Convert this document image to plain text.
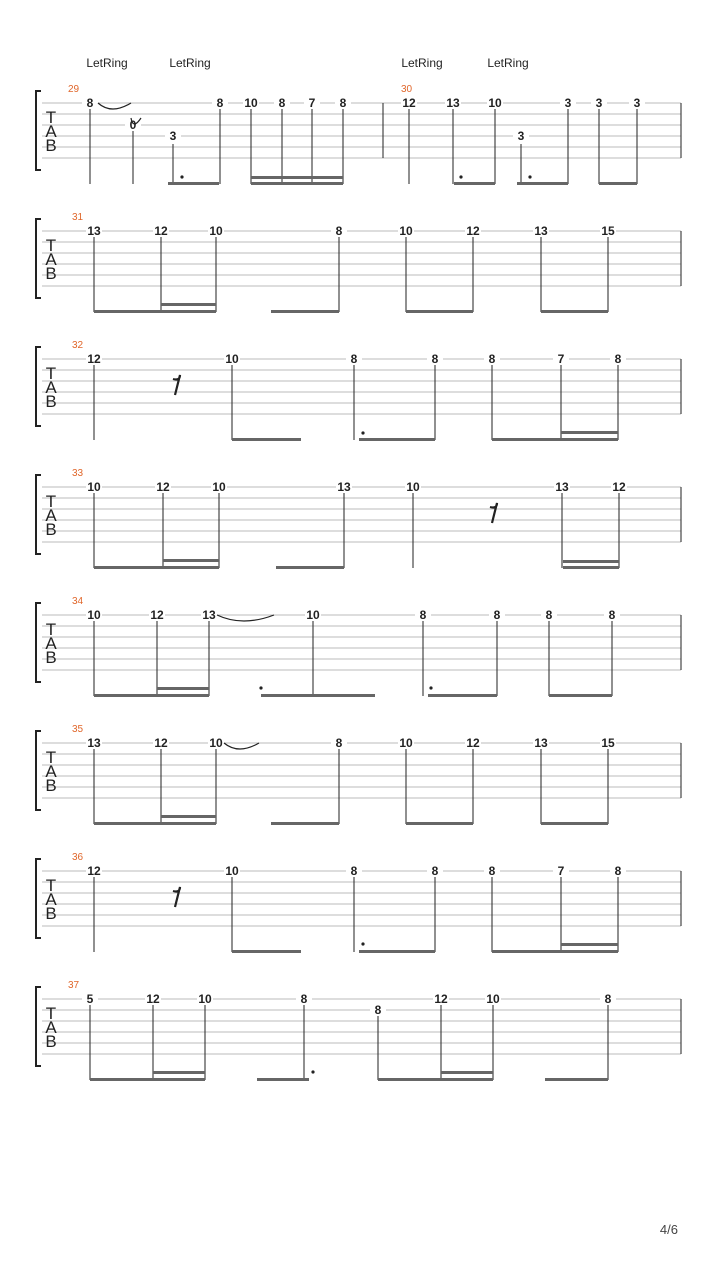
T
A
B
29
8
LetRing
0
3
LetRing
8 10 8 7 8
30
12
LetRing
13 10
3
LetRing
3 3	3
T
A
B
31
13	12	10	8	10	12	13	15
T
A
B
32
12	10	8	8	8	7	8
T
A
B
33
10	12	10	13	10	13	12
T
A
B
34
10	12	13	10	8	8	8	8
T
A
B
35
13	12	10	8	10	12	13	15
T
A
B
36
12	10	8	8	8	7	8
T
A
B
37
5	12	10	8
8
12	10	8
4/6
